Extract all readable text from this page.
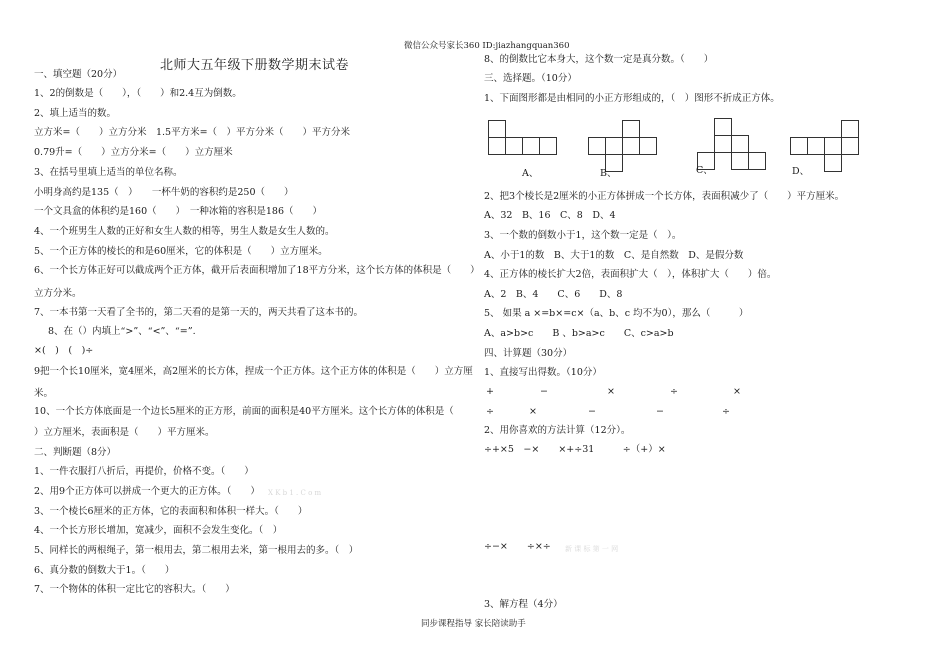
微信公众号家长360 ID:jiazhangquan360
北师大五年级下册数学期末试卷
一、填空题（20分）
1、2的倒数是（　　），（　　）和2.4互为倒数。
2、填上适当的数。
立方米=（　　）立方分米　1.5平方米=（　）平方分米（　　）平方分米
0.79升=（　　）立方分米=（　　）立方厘米
3、在括号里填上适当的单位名称。
小明身高约是135（　）　　一杯牛奶的容积约是250（　　）
一个文具盒的体积约是160（　　）　一种冰箱的容积是186（　　）
4、一个班男生人数的正好和女生人数的相等，男生人数是女生人数的。
5、一个正方体的棱长的和是60厘米，它的体积是（　　）立方厘米。
6、一个长方体正好可以截成两个正方体，截开后表面积增加了18平方分米，这个长方体的体积是（　　）
立方分米。
7、一本书第一天看了全书的，第二天看的是第一天的，两天共看了这本书的。
8、在（）内填上“>”、“<”、“=”.
×(　)　(　)÷
9把一个长10厘米，宽4厘米，高2厘米的长方体，捏成一个正方体。这个正方体的体积是（　　）立方厘
米。
10、一个长方体底面是一个边长5厘米的正方形，前面的面积是40平方厘米。这个长方体的体积是（　
）立方厘米，表面积是（　　）平方厘米。
二、判断题（8分）
1、一件衣服打八折后，再提价，价格不变。（　　）
2、用9个正方体可以拼成一个更大的正方体。（　　） X K b 1 . C o m
3、一个棱长6厘米的正方体，它的表面积和体积一样大。（　　）
4、一个长方形长增加，宽减少，面积不会发生变化。（　）
5、同样长的两根绳子，第一根用去，第二根用去米，第一根用去的多。（　）
6、真分数的倒数大于1。（　　）
7、一个物体的体积一定比它的容积大。（　　）
8、的倒数比它本身大，这个数一定是真分数。（　　）
三、选择题。（10分）
1、下面图形都是由相同的小正方形组成的，（　）图形不折成正方体。
A、	B、	C、	D、
2、把3个棱长是2厘米的小正方体拼成一个长方体，表面积减少了（　　）平方厘米。
A、32　B、16　C、8　D、4
3、一个数的倒数小于1，这个数一定是（　）。
A、小于1的数　B、大于1的数　C、是自然数　D、是假分数
4、正方体的棱长扩大2倍，表面积扩大（　），体积扩大（　　）倍。
A、2　B、4　　C、6　　D、8
5、 如果 a ×=b×=c×（a、b、c 均不为0），那么（　　　）
A、a>b>c　　B 、b>a>c　　C、c>a>b
四、计算题（30分）
1、直接写出得数。（10分）
+	−	×	÷	×
÷	×	−	−	÷
2、用你喜欢的方法计算（12分）。
÷+×5　−×　　×+÷31　　　÷（+）×
÷−×　　÷×÷ 新 课 标 第 一 网
3、解方程（4分）
同步课程指导 家长陪读助手
